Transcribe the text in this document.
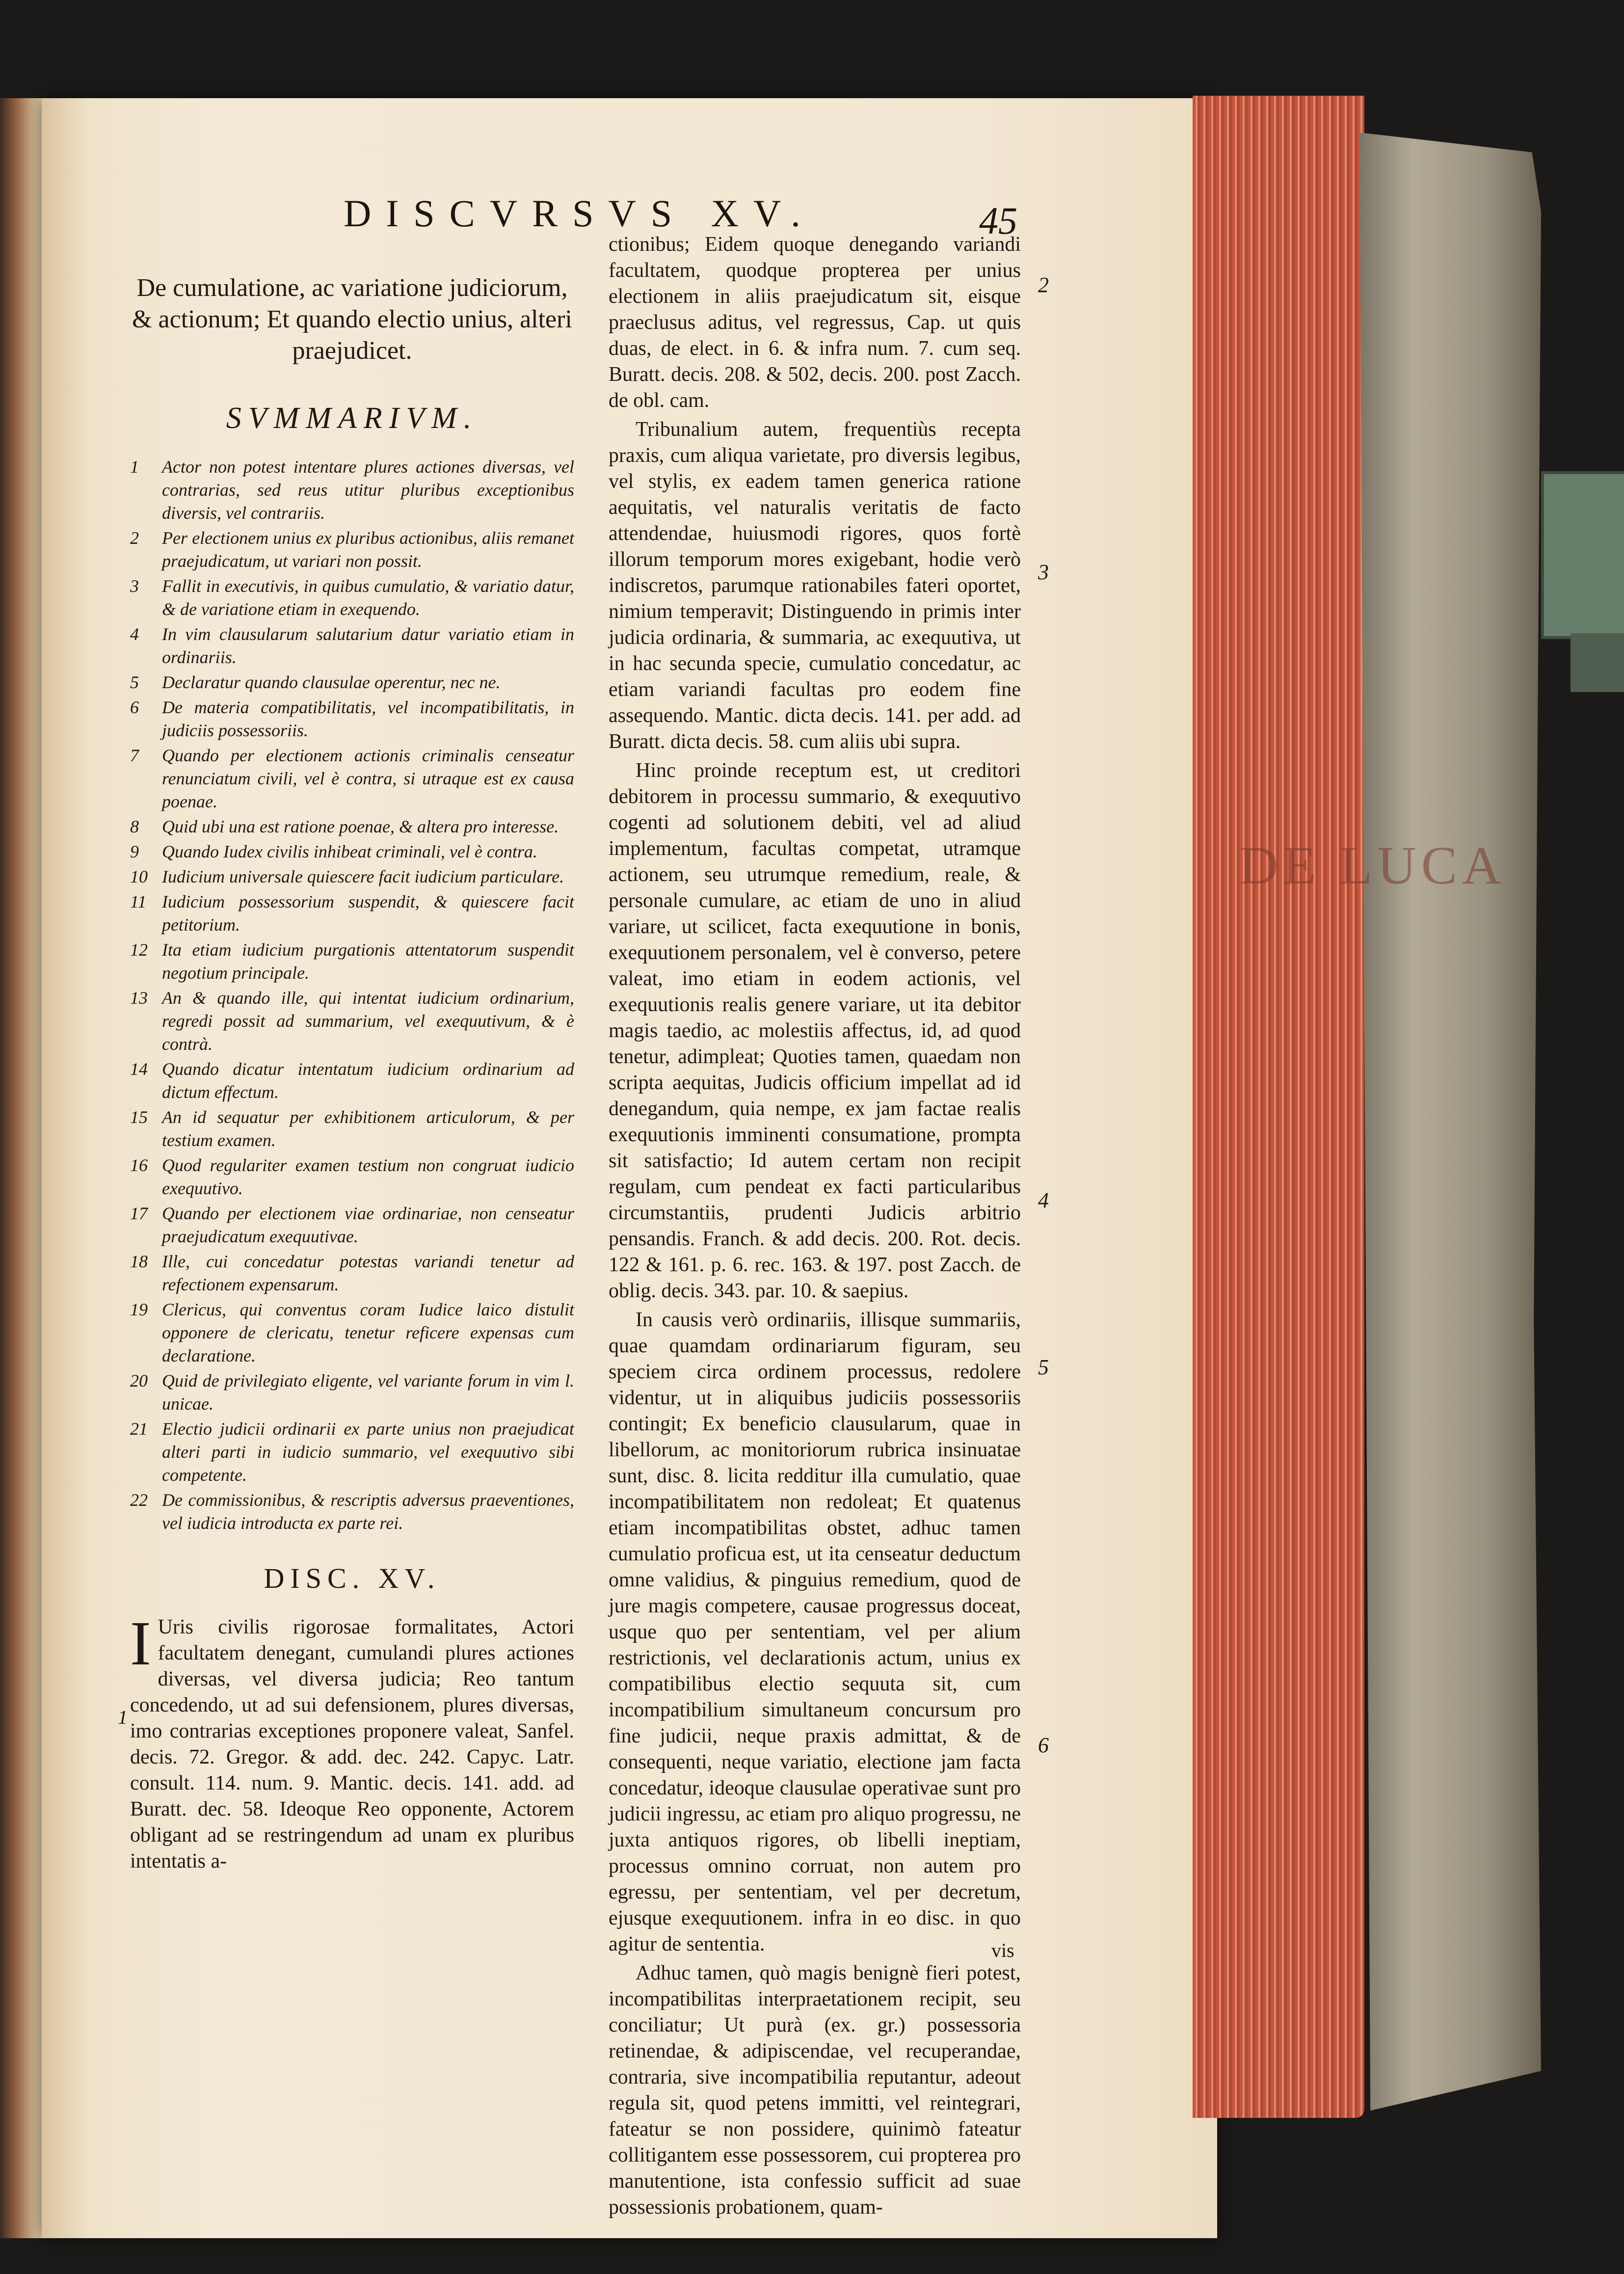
DE LUCA
DISCVRSVS XV.	45
De cumulatione, ac variatione judiciorum, & actionum; Et quando electio unius, alteri praejudicet.
SVMMARIVM.
1 Actor non potest intentare plures actiones diversas, vel contrarias, sed reus utitur pluribus exceptionibus diversis, vel contrariis.
2 Per electionem unius ex pluribus actionibus, aliis remanet praejudicatum, ut variari non possit.
3 Fallit in executivis, in quibus cumulatio, & variatio datur, & de variatione etiam in exequendo.
4 In vim clausularum salutarium datur variatio etiam in ordinariis.
5 Declaratur quando clausulae operentur, nec ne.
6 De materia compatibilitatis, vel incompatibilitatis, in judiciis possessoriis.
7 Quando per electionem actionis criminalis censeatur renunciatum civili, vel è contra, si utraque est ex causa poenae.
8 Quid ubi una est ratione poenae, & altera pro interesse.
9 Quando Iudex civilis inhibeat criminali, vel è contra.
10 Iudicium universale quiescere facit iudicium particulare.
11 Iudicium possessorium suspendit, & quiescere facit petitorium.
12 Ita etiam iudicium purgationis attentatorum suspendit negotium principale.
13 An & quando ille, qui intentat iudicium ordinarium, regredi possit ad summarium, vel exequutivum, & è contrà.
14 Quando dicatur intentatum iudicium ordinarium ad dictum effectum.
15 An id sequatur per exhibitionem articulorum, & per testium examen.
16 Quod regulariter examen testium non congruat iudicio exequutivo.
17 Quando per electionem viae ordinariae, non censeatur praejudicatum exequutivae.
18 Ille, cui concedatur potestas variandi tenetur ad refectionem expensarum.
19 Clericus, qui conventus coram Iudice laico distulit opponere de clericatu, tenetur reficere expensas cum declaratione.
20 Quid de privilegiato eligente, vel variante forum in vim l. unicae.
21 Electio judicii ordinarii ex parte unius non praejudicat alteri parti in iudicio summario, vel exequutivo sibi competente.
22 De commissionibus, & rescriptis adversus praeventiones, vel iudicia introducta ex parte rei.
DISC. XV.

I Uris civilis rigorosae formalitates, Actori facultatem denegant, cumulandi plures actiones diversas, vel diversa judicia; Reo tantum concedendo, ut ad sui defensionem, plures diversas, imo contrarias exceptiones proponere valeat, Sanfel. decis. 72. Gregor. & add. dec. 242. Capyc. Latr. consult. 114. num. 9. Mantic. decis. 141. add. ad Buratt. dec. 58. Ideoque Reo opponente, Actorem obligant ad se restringendum ad unam ex pluribus intentatis a-

1

ctionibus; Eidem quoque denegando variandi facultatem, quodque propterea per unius electionem in aliis praejudicatum sit, eisque praeclusus aditus, vel regressus, Cap. ut quis duas, de elect. in 6. & infra num. 7. cum seq. Buratt. decis. 208. & 502, decis. 200. post Zacch. de obl. cam.

Tribunalium autem, frequentiùs recepta praxis, cum aliqua varietate, pro diversis legibus, vel stylis, ex eadem tamen generica ratione aequitatis, vel naturalis veritatis de facto attendendae, huiusmodi rigores, quos fortè illorum temporum mores exigebant, hodie verò indiscretos, parumque rationabiles fateri oportet, nimium temperavit; Distinguendo in primis inter judicia ordinaria, & summaria, ac exequutiva, ut in hac secunda specie, cumulatio concedatur, ac etiam variandi facultas pro eodem fine assequendo. Mantic. dicta decis. 141. per add. ad Buratt. dicta decis. 58. cum aliis ubi supra.

Hinc proinde receptum est, ut creditori debitorem in processu summario, & exequutivo cogenti ad solutionem debiti, vel ad aliud implementum, facultas competat, utramque actionem, seu utrumque remedium, reale, & personale cumulare, ac etiam de uno in aliud variare, ut scilicet, facta exequutione in bonis, exequutionem personalem, vel è converso, petere valeat, imo etiam in eodem actionis, vel exequutionis realis genere variare, ut ita debitor magis taedio, ac molestiis affectus, id, ad quod tenetur, adimpleat; Quoties tamen, quaedam non scripta aequitas, Judicis officium impellat ad id denegandum, quia nempe, ex jam factae realis exequutionis imminenti consumatione, prompta sit satisfactio; Id autem certam non recipit regulam, cum pendeat ex facti particularibus circumstantiis, prudenti Judicis arbitrio pensandis. Franch. & add decis. 200. Rot. decis. 122 & 161. p. 6. rec. 163. & 197. post Zacch. de oblig. decis. 343. par. 10. & saepius.

In causis verò ordinariis, illisque summariis, quae quamdam ordinariarum figuram, seu speciem circa ordinem processus, redolere videntur, ut in aliquibus judiciis possessoriis contingit; Ex beneficio clausularum, quae in libellorum, ac monitoriorum rubrica insinuatae sunt, disc. 8. licita redditur illa cumulatio, quae incompatibilitatem non redoleat; Et quatenus etiam incompatibilitas obstet, adhuc tamen cumulatio proficua est, ut ita censeatur deductum omne validius, & pinguius remedium, quod de jure magis competere, causae progressus doceat, usque quo per sententiam, vel per alium restrictionis, vel declarationis actum, unius ex compatibilibus electio sequuta sit, cum incompatibilium simultaneum concursum pro fine judicii, neque praxis admittat, & de consequenti, neque variatio, electione jam facta concedatur, ideoque clausulae operativae sunt pro judicii ingressu, ac etiam pro aliquo progressu, ne juxta antiquos rigores, ob libelli ineptiam, processus omnino corruat, non autem pro egressu, per sententiam, vel per decretum, ejusque exequutionem. infra in eo disc. in quo agitur de sententia.

Adhuc tamen, quò magis benignè fieri potest, incompatibilitas interpraetationem recipit, seu conciliatur; Ut purà (ex. gr.) possessoria retinendae, & adipiscendae, vel recuperandae, contraria, sive incompatibilia reputantur, adeout regula sit, quod petens immitti, vel reintegrari, fateatur se non possidere, quinimò fateatur collitigantem esse possessorem, cui propterea pro manutentione, ista confessio sufficit ad suae possessionis probationem, quam-

2
3
4
5
6
vis
